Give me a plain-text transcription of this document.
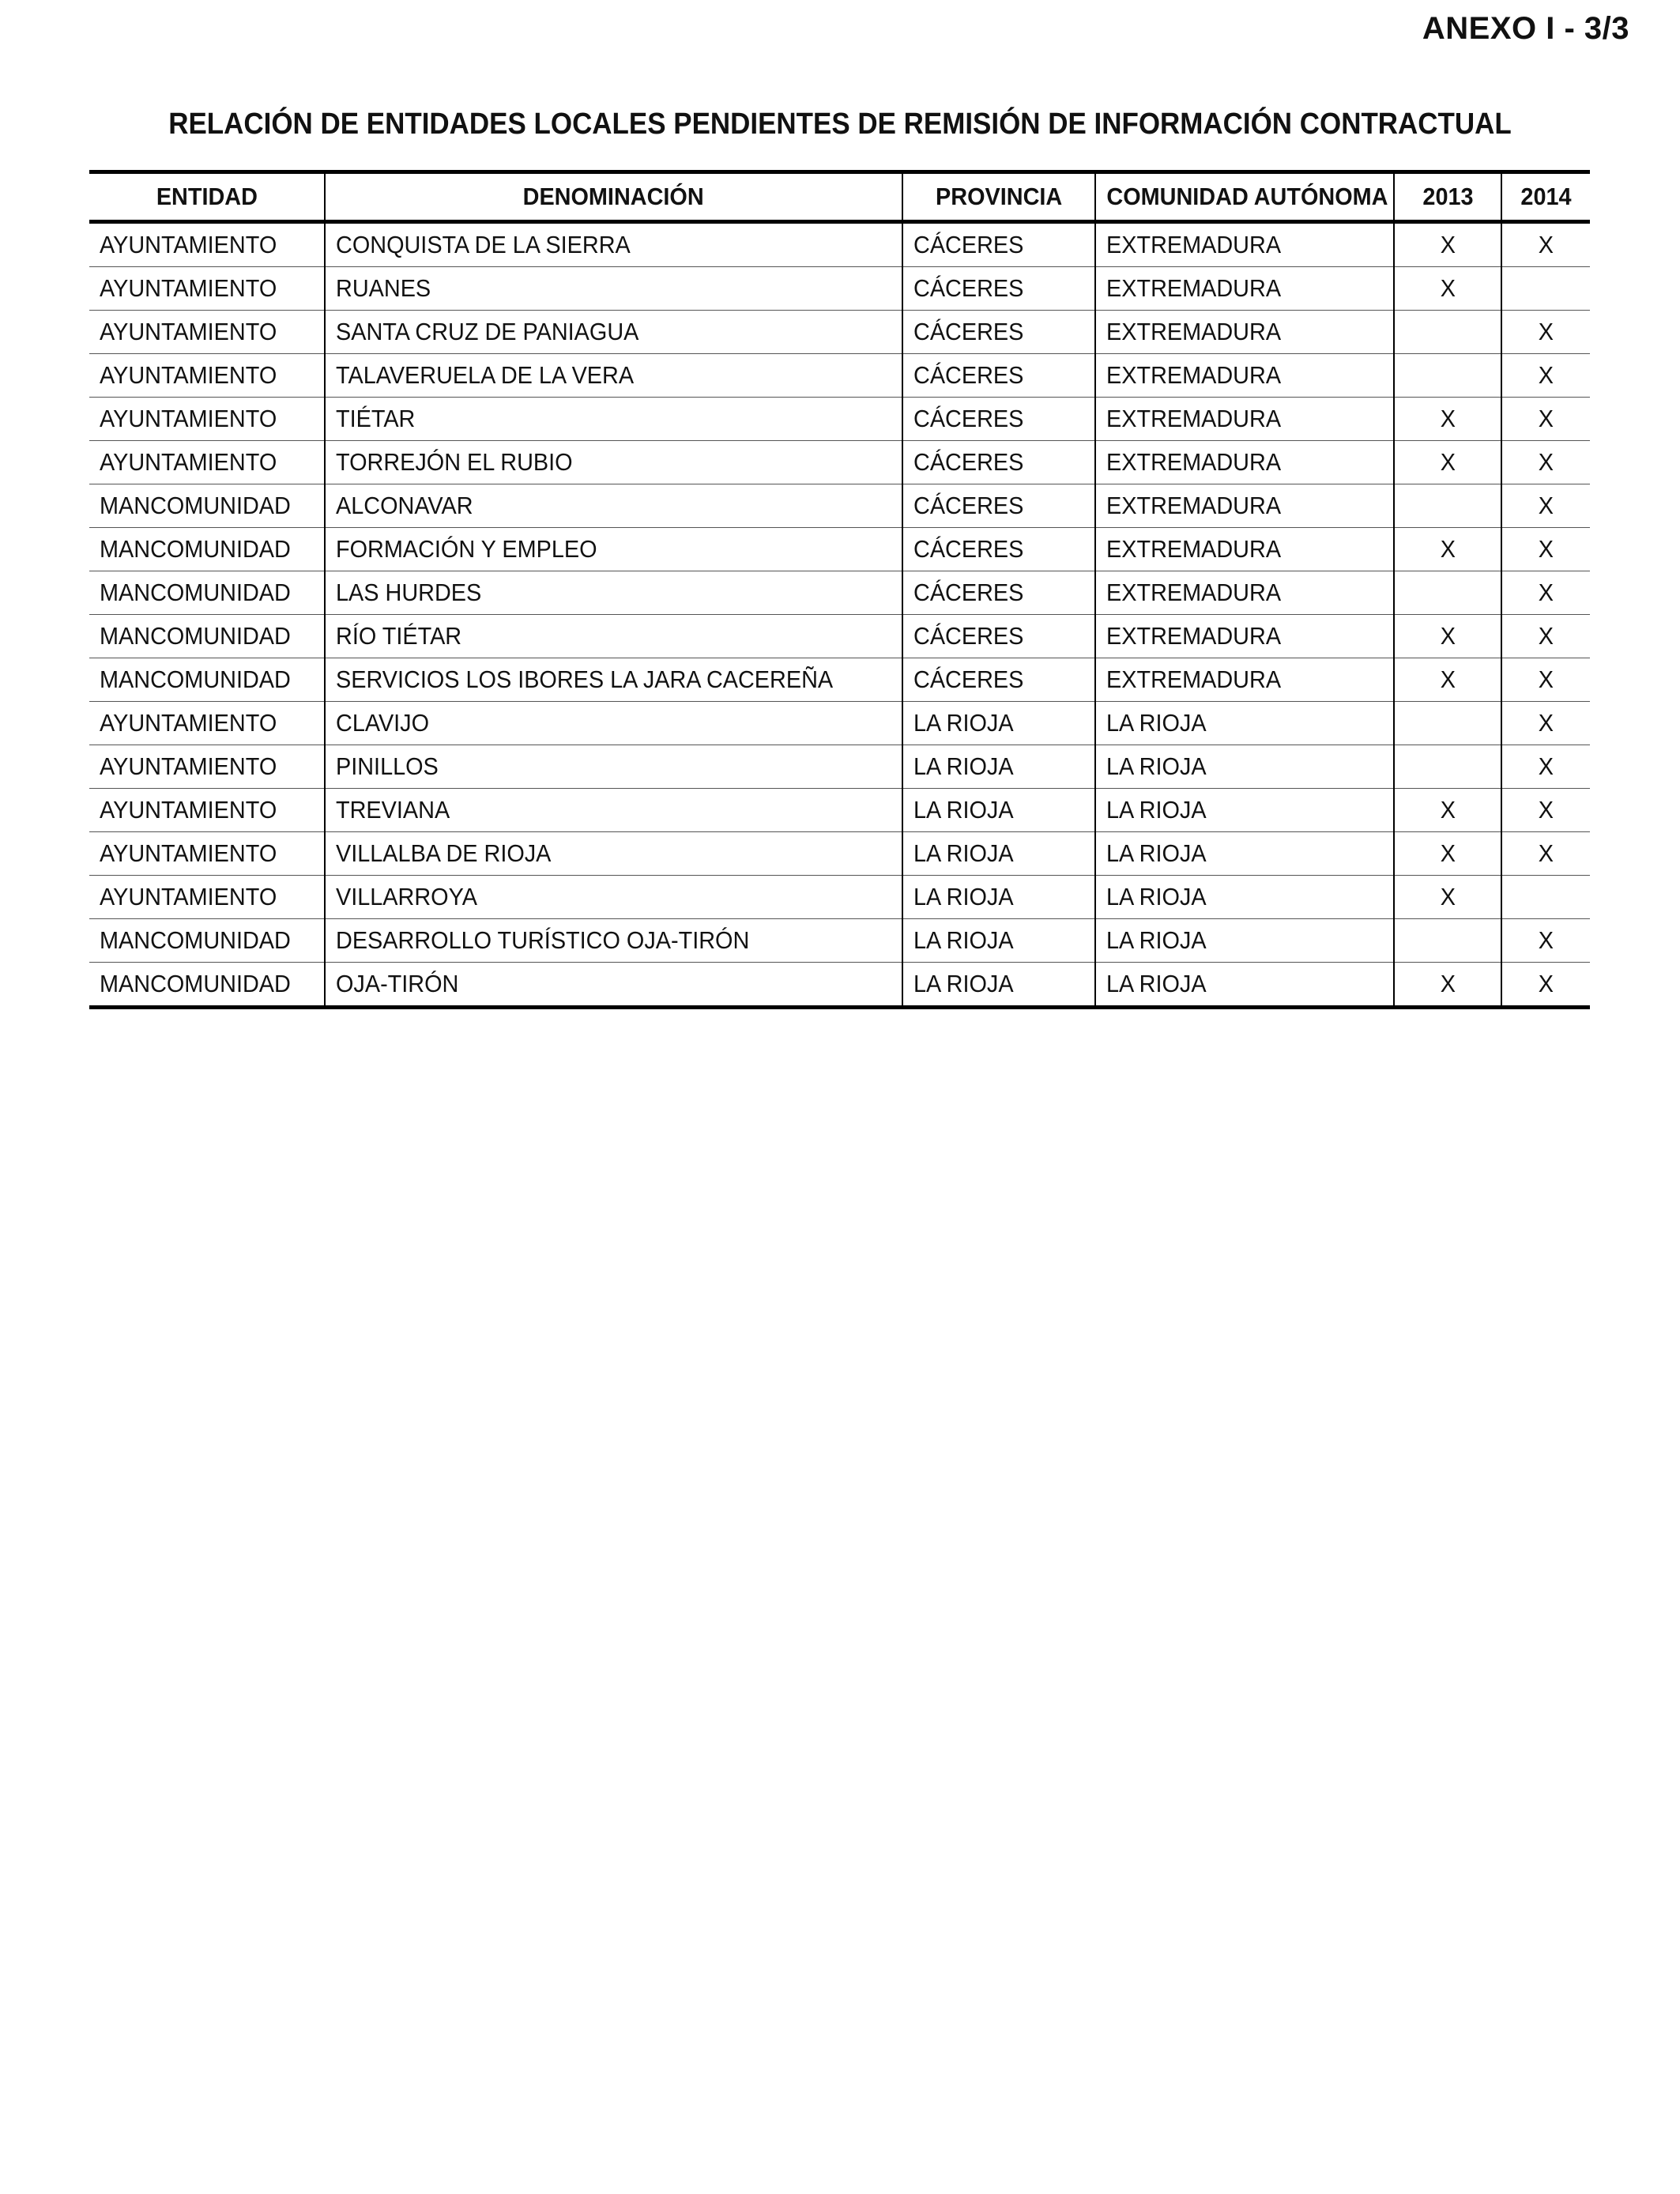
ANEXO I - 3/3
RELACIÓN DE ENTIDADES LOCALES PENDIENTES DE REMISIÓN DE INFORMACIÓN CONTRACTUAL
ENTIDAD	DENOMINACIÓN	PROVINCIA	COMUNIDAD AUTÓNOMA	2013	2014
AYUNTAMIENTO	CONQUISTA DE LA SIERRA	CÁCERES	EXTREMADURA	X	X
AYUNTAMIENTO	RUANES	CÁCERES	EXTREMADURA	X	
AYUNTAMIENTO	SANTA CRUZ DE PANIAGUA	CÁCERES	EXTREMADURA		X
AYUNTAMIENTO	TALAVERUELA DE LA VERA	CÁCERES	EXTREMADURA		X
AYUNTAMIENTO	TIÉTAR	CÁCERES	EXTREMADURA	X	X
AYUNTAMIENTO	TORREJÓN EL RUBIO	CÁCERES	EXTREMADURA	X	X
MANCOMUNIDAD	ALCONAVAR	CÁCERES	EXTREMADURA		X
MANCOMUNIDAD	FORMACIÓN Y EMPLEO	CÁCERES	EXTREMADURA	X	X
MANCOMUNIDAD	LAS HURDES	CÁCERES	EXTREMADURA		X
MANCOMUNIDAD	RÍO TIÉTAR	CÁCERES	EXTREMADURA	X	X
MANCOMUNIDAD	SERVICIOS LOS IBORES LA JARA CACEREÑA	CÁCERES	EXTREMADURA	X	X
AYUNTAMIENTO	CLAVIJO	LA RIOJA	LA RIOJA		X
AYUNTAMIENTO	PINILLOS	LA RIOJA	LA RIOJA		X
AYUNTAMIENTO	TREVIANA	LA RIOJA	LA RIOJA	X	X
AYUNTAMIENTO	VILLALBA DE RIOJA	LA RIOJA	LA RIOJA	X	X
AYUNTAMIENTO	VILLARROYA	LA RIOJA	LA RIOJA	X	
MANCOMUNIDAD	DESARROLLO TURÍSTICO OJA-TIRÓN	LA RIOJA	LA RIOJA		X
MANCOMUNIDAD	OJA-TIRÓN	LA RIOJA	LA RIOJA	X	X
